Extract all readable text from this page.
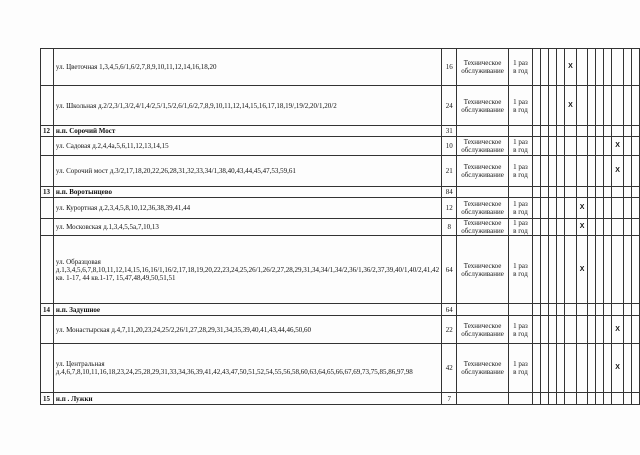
	ул. Цветочная 1,3,4,5,6/1,6/2,7,8,9,10,11,12,14,16,18,20	16	Техническое обслуживание	1 раз в год					X							
	ул. Школьная д.2/2,3/1,3/2,4/1,4/2,5/1,5/2,6/1,6/2,7,8,9,10,11,12,14,15,16,17,18,19/,19/2,20/1,20/2	24	Техническое обслуживание	1 раз в год					X							
12	н.п. Сорочий Мост	31														
	ул. Садовая д.2,4,4а,5,6,11,12,13,14,15	10	Техническое обслуживание	1 раз в год										X		
	ул. Сорочий мост д.3/2,17,18,20,22,26,28,31,32,33,34/1,38,40,43,44,45,47,53,59,61	21	Техническое обслуживание	1 раз в год										X		
13	н.п. Воротынцево	84														
	ул. Курортная д.2,3,4,5,8,10,12,36,38,39,41,44	12	Техническое обслуживание	1 раз в год						X						
	ул. Московская д.1,3,4,5,5а,7,10,13	8	Техническое обслуживание	1 раз в год						X						
	ул. Образцовая д.1,3,4,5,6,7,8,10,11,12,14,15,16,16/1,16/2,17,18,19,20,22,23,24,25,26/1,26/2,27,28,29,31,34,34/1,34/2,36/1,36/2,37,39,40/1,40/2,41,42 кв. 1-17, 44 кв.1-17, 15,47,48,49,50,51,51	64	Техническое обслуживание	1 раз в год						X						
14	н.п. Задушное	64														
	ул. Монастырская д.4,7,11,20,23,24,25/2,26/1,27,28,29,31,34,35,39,40,41,43,44,46,50,60	22	Техническое обслуживание	1 раз в год										X		
	ул. Центральная д.4,6,7,8,10,11,16,18,23,24,25,28,29,31,33,34,36,39,41,42,43,47,50,51,52,54,55,56,58,60,63,64,65,66,67,69,73,75,85,86,97,98	42	Техническое обслуживание	1 раз в год										X		
15	н.п . Лужки	7														
